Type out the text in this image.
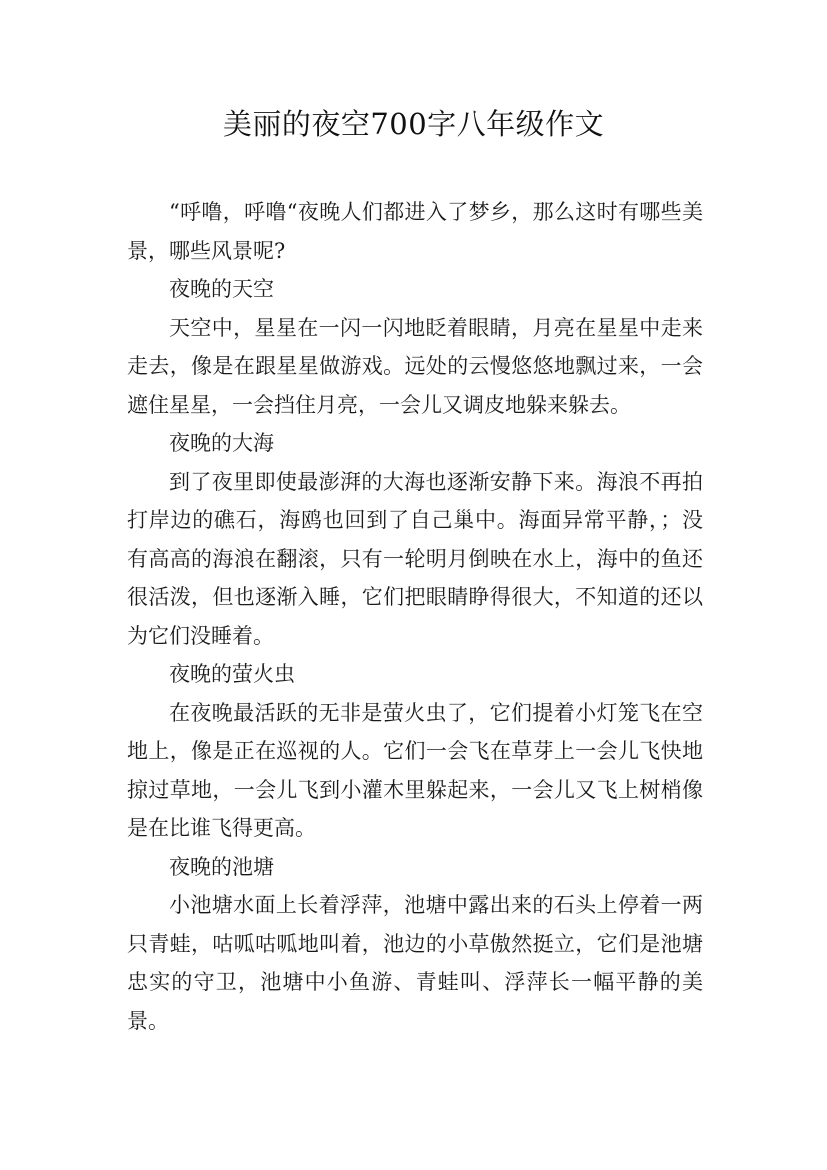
美丽的夜空700字八年级作文

“呼噜，呼噜“夜晚人们都进入了梦乡，那么这时有哪些美景，哪些风景呢?

夜晚的天空

天空中，星星在一闪一闪地眨着眼睛，月亮在星星中走来走去，像是在跟星星做游戏。远处的云慢悠悠地飘过来，一会遮住星星，一会挡住月亮，一会儿又调皮地躲来躲去。

夜晚的大海

到了夜里即使最澎湃的大海也逐渐安静下来。海浪不再拍打岸边的礁石，海鸥也回到了自己巢中。海面异常平静，；没有高高的海浪在翻滚，只有一轮明月倒映在水上，海中的鱼还很活泼，但也逐渐入睡，它们把眼睛睁得很大，不知道的还以为它们没睡着。

夜晚的萤火虫

在夜晚最活跃的无非是萤火虫了，它们提着小灯笼飞在空地上，像是正在巡视的人。它们一会飞在草芽上一会儿飞快地掠过草地，一会儿飞到小灌木里躲起来，一会儿又飞上树梢像是在比谁飞得更高。

夜晚的池塘

小池塘水面上长着浮萍，池塘中露出来的石头上停着一两只青蛙，咕呱咕呱地叫着，池边的小草傲然挺立，它们是池塘忠实的守卫，池塘中小鱼游、青蛙叫、浮萍长一幅平静的美景。
